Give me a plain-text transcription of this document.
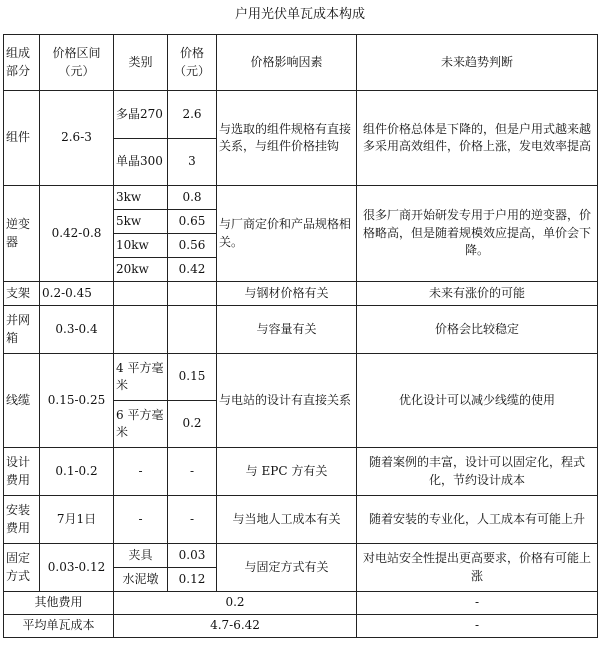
户用光伏单瓦成本构成
组成部分	价格区间（元）	类别	价格（元）	价格影响因素	未来趋势判断
组件	2.6-3	多晶270	2.6	与选取的组件规格有直接关系，与组件价格挂钩	组件价格总体是下降的，但是户用式越来越多采用高效组件，价格上涨，发电效率提高
		单晶300	3		
逆变器	0.42-0.8	3kw	0.8	与厂商定价和产品规格相关。	很多厂商开始研发专用于户用的逆变器，价格略高，但是随着规模效应提高，单价会下降。
		5kw	0.65		
		10kw	0.56		
		20kw	0.42		
支架	0.2-0.45			与钢材价格有关	未来有涨价的可能
并网箱	0.3-0.4			与容量有关	价格会比较稳定
线缆	0.15-0.25	4 平方毫米	0.15	与电站的设计有直接关系	优化设计可以减少线缆的使用
		6 平方毫米	0.2		
设计费用	0.1-0.2	-	-	与 EPC 方有关	随着案例的丰富，设计可以固定化，程式化，节约设计成本
安装费用	7月1日	-	-	与当地人工成本有关	随着安装的专业化，人工成本有可能上升
固定方式	0.03-0.12	夹具	0.03	与固定方式有关	对电站安全性提出更高要求，价格有可能上涨
		水泥墩	0.12		
其他费用		0.2			-
平均单瓦成本		4.7-6.42			-
